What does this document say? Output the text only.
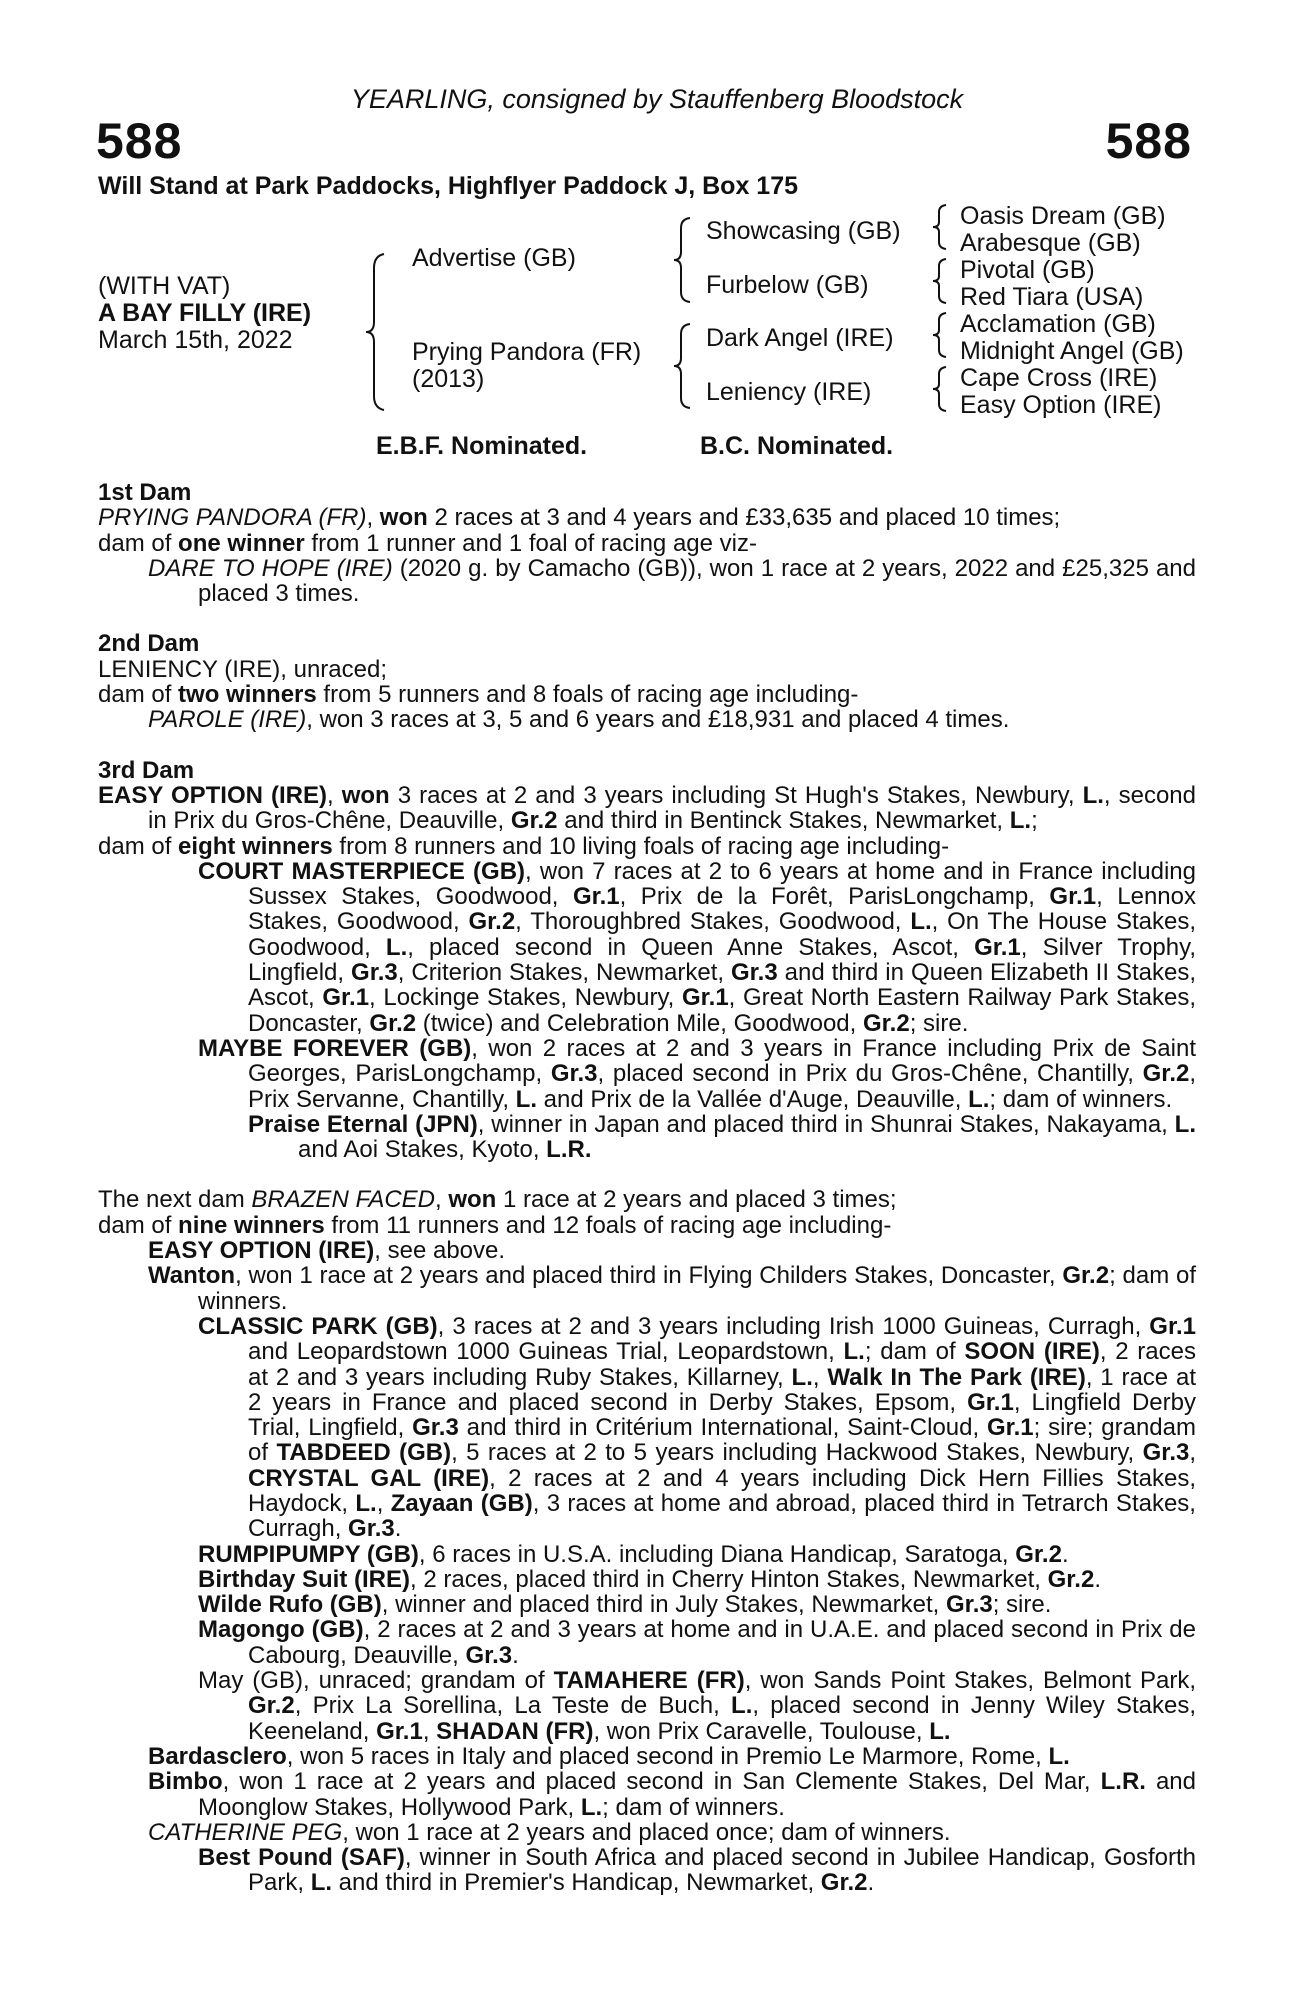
YEARLING, consigned by Stauffenberg Bloodstock
588	588
Will Stand at Park Paddocks, Highflyer Paddock J, Box 175
(WITH VAT)
A BAY FILLY (IRE)
March 15th, 2022
Advertise (GB)
Prying Pandora (FR)
(2013)
Showcasing (GB)
Furbelow (GB)
Dark Angel (IRE)
Leniency (IRE)
Oasis Dream (GB)
Arabesque (GB)
Pivotal (GB)
Red Tiara (USA)
Acclamation (GB)
Midnight Angel (GB)
Cape Cross (IRE)
Easy Option (IRE)
E.B.F. Nominated.	B.C. Nominated.

1st Dam

PRYING PANDORA (FR), won 2 races at 3 and 4 years and £33,635 and placed 10 times;

dam of one winner from 1 runner and 1 foal of racing age viz-

DARE TO HOPE (IRE) (2020 g. by Camacho (GB)), won 1 race at 2 years, 2022 and £25,325 and placed 3 times.

2nd Dam

LENIENCY (IRE), unraced;

dam of two winners from 5 runners and 8 foals of racing age including-

PAROLE (IRE), won 3 races at 3, 5 and 6 years and £18,931 and placed 4 times.

3rd Dam

EASY OPTION (IRE), won 3 races at 2 and 3 years including St Hugh's Stakes, Newbury, L., second in Prix du Gros-Chêne, Deauville, Gr.2 and third in Bentinck Stakes, Newmarket, L.;

dam of eight winners from 8 runners and 10 living foals of racing age including-

COURT MASTERPIECE (GB), won 7 races at 2 to 6 years at home and in France including Sussex Stakes, Goodwood, Gr.1, Prix de la Forêt, ParisLongchamp, Gr.1, Lennox Stakes, Goodwood, Gr.2, Thoroughbred Stakes, Goodwood, L., On The House Stakes, Goodwood, L., placed second in Queen Anne Stakes, Ascot, Gr.1, Silver Trophy, Lingfield, Gr.3, Criterion Stakes, Newmarket, Gr.3 and third in Queen Elizabeth II Stakes, Ascot, Gr.1, Lockinge Stakes, Newbury, Gr.1, Great North Eastern Railway Park Stakes, Doncaster, Gr.2 (twice) and Celebration Mile, Goodwood, Gr.2; sire.

MAYBE FOREVER (GB), won 2 races at 2 and 3 years in France including Prix de Saint Georges, ParisLongchamp, Gr.3, placed second in Prix du Gros-Chêne, Chantilly, Gr.2, Prix Servanne, Chantilly, L. and Prix de la Vallée d'Auge, Deauville, L.; dam of winners.

Praise Eternal (JPN), winner in Japan and placed third in Shunrai Stakes, Nakayama, L. and Aoi Stakes, Kyoto, L.R.

The next dam BRAZEN FACED, won 1 race at 2 years and placed 3 times;

dam of nine winners from 11 runners and 12 foals of racing age including-

EASY OPTION (IRE), see above.

Wanton, won 1 race at 2 years and placed third in Flying Childers Stakes, Doncaster, Gr.2; dam of winners.

CLASSIC PARK (GB), 3 races at 2 and 3 years including Irish 1000 Guineas, Curragh, Gr.1 and Leopardstown 1000 Guineas Trial, Leopardstown, L.; dam of SOON (IRE), 2 races at 2 and 3 years including Ruby Stakes, Killarney, L., Walk In The Park (IRE), 1 race at 2 years in France and placed second in Derby Stakes, Epsom, Gr.1, Lingfield Derby Trial, Lingfield, Gr.3 and third in Critérium International, Saint-Cloud, Gr.1; sire; grandam of TABDEED (GB), 5 races at 2 to 5 years including Hackwood Stakes, Newbury, Gr.3, CRYSTAL GAL (IRE), 2 races at 2 and 4 years including Dick Hern Fillies Stakes, Haydock, L., Zayaan (GB), 3 races at home and abroad, placed third in Tetrarch Stakes, Curragh, Gr.3.

RUMPIPUMPY (GB), 6 races in U.S.A. including Diana Handicap, Saratoga, Gr.2.

Birthday Suit (IRE), 2 races, placed third in Cherry Hinton Stakes, Newmarket, Gr.2.

Wilde Rufo (GB), winner and placed third in July Stakes, Newmarket, Gr.3; sire.

Magongo (GB), 2 races at 2 and 3 years at home and in U.A.E. and placed second in Prix de Cabourg, Deauville, Gr.3.

May (GB), unraced; grandam of TAMAHERE (FR), won Sands Point Stakes, Belmont Park, Gr.2, Prix La Sorellina, La Teste de Buch, L., placed second in Jenny Wiley Stakes, Keeneland, Gr.1, SHADAN (FR), won Prix Caravelle, Toulouse, L.

Bardasclero, won 5 races in Italy and placed second in Premio Le Marmore, Rome, L.

Bimbo, won 1 race at 2 years and placed second in San Clemente Stakes, Del Mar, L.R. and Moonglow Stakes, Hollywood Park, L.; dam of winners.

CATHERINE PEG, won 1 race at 2 years and placed once; dam of winners.

Best Pound (SAF), winner in South Africa and placed second in Jubilee Handicap, Gosforth Park, L. and third in Premier's Handicap, Newmarket, Gr.2.
